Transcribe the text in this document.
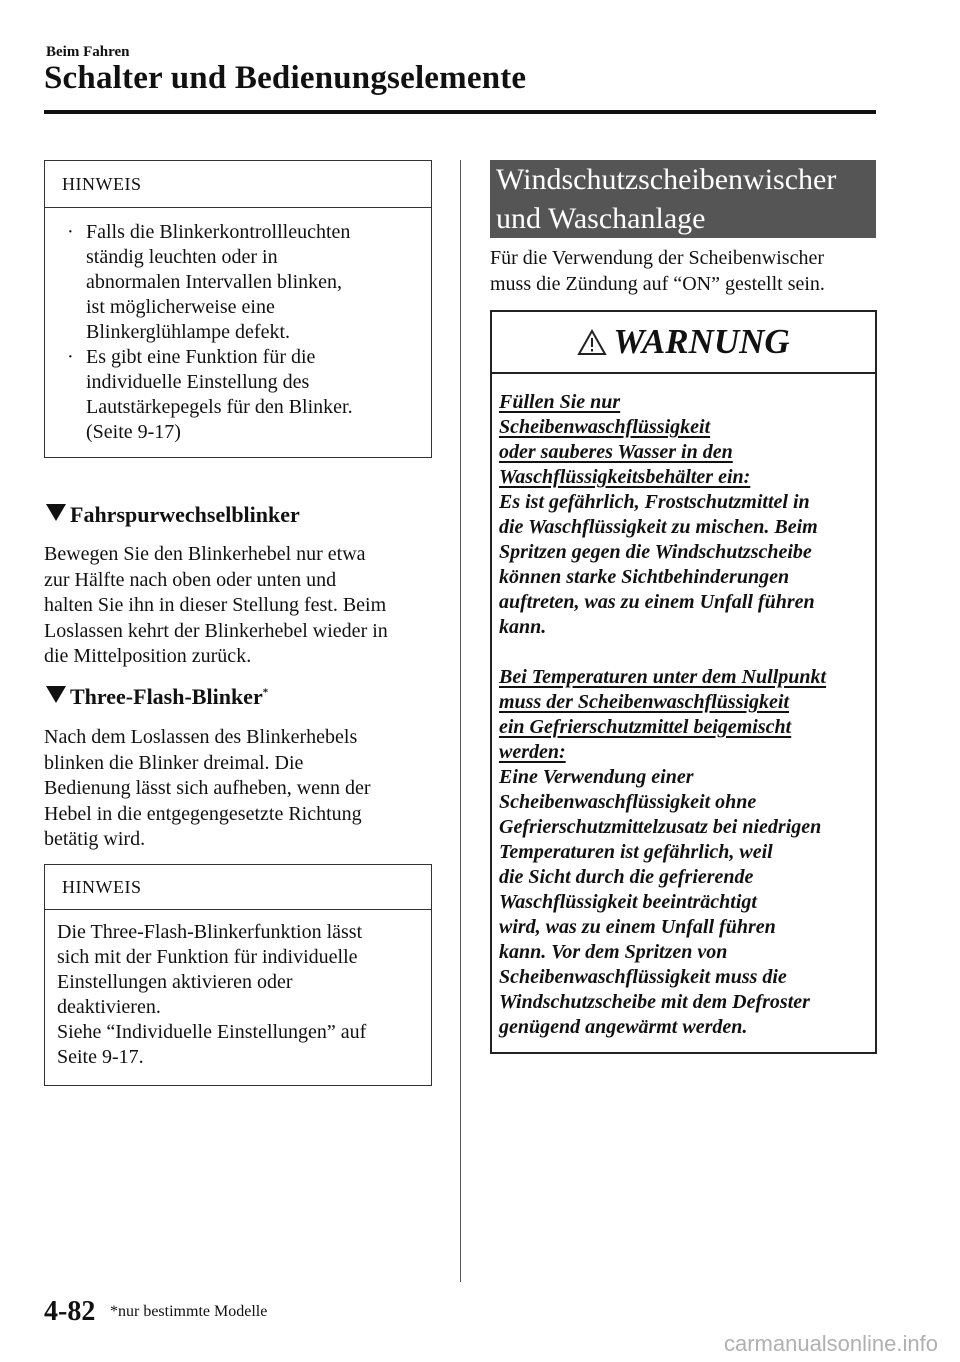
Beim Fahren
Schalter und Bedienungselemente
HINWEIS
· Falls die Blinkerkontrollleuchten
ständig leuchten oder in
abnormalen Intervallen blinken,
ist möglicherweise eine
Blinkerglühlampe defekt.
· Es gibt eine Funktion für die
individuelle Einstellung des
Lautstärkepegels für den Blinker.
(Seite 9-17)
Fahrspurwechselblinker
Bewegen Sie den Blinkerhebel nur etwa
zur Hälfte nach oben oder unten und
halten Sie ihn in dieser Stellung fest. Beim
Loslassen kehrt der Blinkerhebel wieder in
die Mittelposition zurück.
Three-Flash-Blinker*
Nach dem Loslassen des Blinkerhebels
blinken die Blinker dreimal. Die
Bedienung lässt sich aufheben, wenn der
Hebel in die entgegengesetzte Richtung
betätig wird.
HINWEIS
Die Three-Flash-Blinkerfunktion lässt
sich mit der Funktion für individuelle
Einstellungen aktivieren oder
deaktivieren.
Siehe “Individuelle Einstellungen” auf
Seite 9-17.
Windschutzscheibenwischer
und Waschanlage
Für die Verwendung der Scheibenwischer
muss die Zündung auf “ON” gestellt sein.
WARNUNG
Füllen Sie nur
Scheibenwaschflüssigkeit
oder sauberes Wasser in den
Waschflüssigkeitsbehälter ein:
Es ist gefährlich, Frostschutzmittel in
die Waschflüssigkeit zu mischen. Beim
Spritzen gegen die Windschutzscheibe
können starke Sichtbehinderungen
auftreten, was zu einem Unfall führen
kann.
Bei Temperaturen unter dem Nullpunkt
muss der Scheibenwaschflüssigkeit
ein Gefrierschutzmittel beigemischt
werden:
Eine Verwendung einer
Scheibenwaschflüssigkeit ohne
Gefrierschutzmittelzusatz bei niedrigen
Temperaturen ist gefährlich, weil
die Sicht durch die gefrierende
Waschflüssigkeit beeinträchtigt
wird, was zu einem Unfall führen
kann. Vor dem Spritzen von
Scheibenwaschflüssigkeit muss die
Windschutzscheibe mit dem Defroster
genügend angewärmt werden.
4-82 *nur bestimmte Modelle
carmanualsonline.info
